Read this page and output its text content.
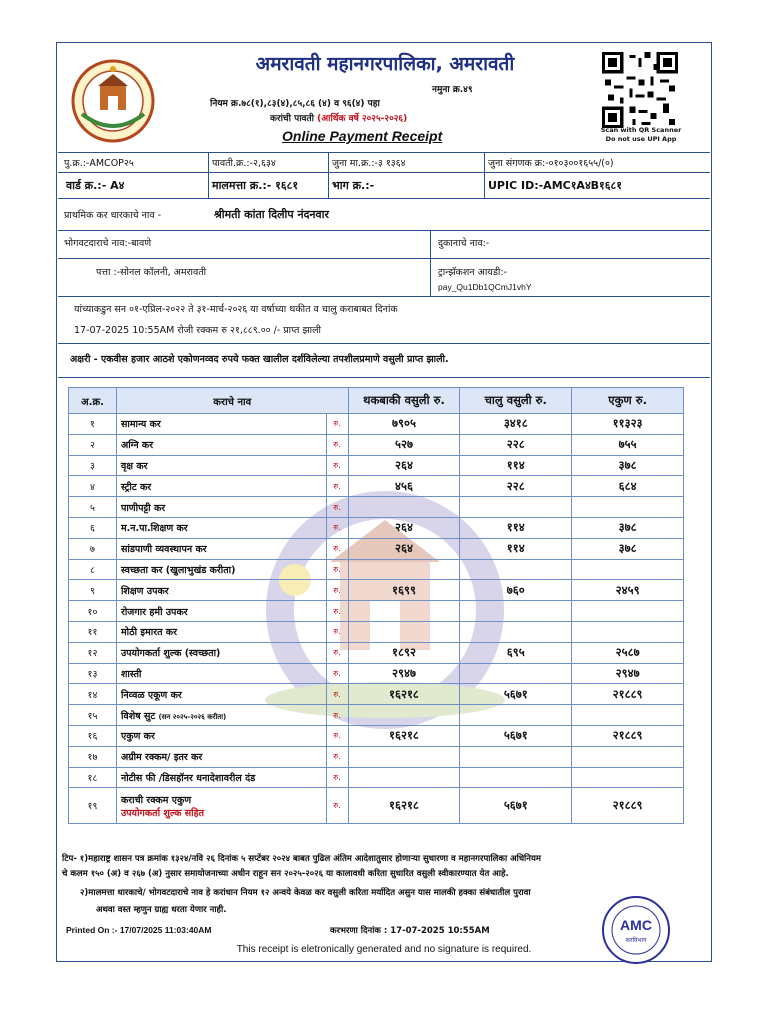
Scan with QR Scanner
Do not use UPI App
अमरावती महानगरपालिका, अमरावती
नमुना क्र.४९
नियम क्र.७८(१),८३(४),८५,८६ (४) व ९६(४) पहा
करांची पावती (आर्थिक वर्षे २०२५-२०२६)
Online Payment Receipt
पु.क्र.:-AMCOP२५	पावती.क्र.:-२,६३४	जुना मा.क्र.:-३ १३६४	जुना संगणक क्र:-०१०३००१६५५/(०)
वार्ड क्र.:- A४	मालमत्ता क्र.:- १६८१	भाग क्र.:-	UPIC ID:-AMC१A४B१६८१
प्राथमिक कर धारकाचे नाव -	श्रीमती कांता दिलीप नंदनवार
भोगवटदाराचे नाव:-बावणे	दुकानाचे नाव:-
पत्ता :-सोनल कॉलनी, अमरावती	ट्रान्झॅकशन आयडी:-
pay_Qu1Db1QCmJ1vhY
यांच्याकडुन सन ०१-एप्रिल-२०२२ ते ३१-मार्च-२०२६ या वर्षाच्या थकीत व चालु कराबाबत दिनांक
17-07-2025 10:55AM रोजी रक्कम रु २१,८८९.०० /- प्राप्त झाली
अक्षरी - एकवीस हजार आठशे एकोणनव्वद रुपये फक्त खालील दर्शविलेल्या तपशीलप्रमाणे वसुली प्राप्त झाली.
अ.क्र.	कराचे नाव		थकबाकी वसुली रु.	चालु वसुली रु.	एकुण रु.
१	सामान्य कर	रु.	७९०५	३४१८	११३२३
२	अग्नि कर	रु.	५२७	२२८	७५५
३	वृक्ष कर	रु.	२६४	११४	३७८
४	स्ट्रीट कर	रु.	४५६	२२८	६८४
५	पाणीपट्टी कर	रु.			
६	म.न.पा.शिक्षण कर	रु.	२६४	११४	३७८
७	सांडपाणी व्यवस्थापन कर	रु.	२६४	११४	३७८
८	स्वच्छता कर (खुलाभुखंड करीता)	रु.			
९	शिक्षण उपकर	रु.	१६९९	७६०	२४५९
१०	रोजगार हमी उपकर	रु.			
११	मोठी इमारत कर	रु.			
१२	उपयोगकर्ता शुल्क (स्वच्छता)	रु.	१८९२	६९५	२५८७
१३	शास्ती	रु.	२९४७		२९४७
१४	निव्वळ एकूण कर	रु.	१६२१८	५६७१	२१८८९
१५	विशेष सुट (सन २०२५-२०२६ करीता)	रु.			
१६	एकुण कर	रु.	१६२१८	५६७१	२१८८९
१७	अग्रीम रक्कम/ इतर कर	रु.			
१८	नोटीस फी /डिसहॉनर धनादेशावरील दंड	रु.			
१९	कराची रक्कम एकुण
उपयोगकर्ता शुल्क सहित	रु.	१६२१८	५६७१	२१८८९
टिप- १)महाराष्ट्र शासन पत्र क्रमांक १३२४/नवि २६ दिनांक ५ सप्टेंबर २०२४ बाबत पुढिल अंतिम आदेशातुसार होणाऱ्या सुधारणा व महानगरपालिका अधिनियम
चे कलम १५० (अ) व २६७ (अ) नुसार समायोजनाच्या अधीन राहून सन २०२५-२०२६ या कालावधी करिता सुधारित वसुली स्वीकारण्यात येत आहे.
२)मालमत्ता धारकाचे/ भोगवटदाराचे नाव हे करांधान नियम १२ अन्वये केवळ कर वसुली करिता मर्यादित असुन यास मालकी हक्का संबंधातील पुरावा
अथवा वस्त म्हणुन ग्राह्य धरता येणार नाही.
Printed On :- 17/07/2025 11:03:40AM	करभरणा दिनांक : 17-07-2025 10:55AM
This receipt is eletronically generated and no signature is required.
AMC
करविभाग
